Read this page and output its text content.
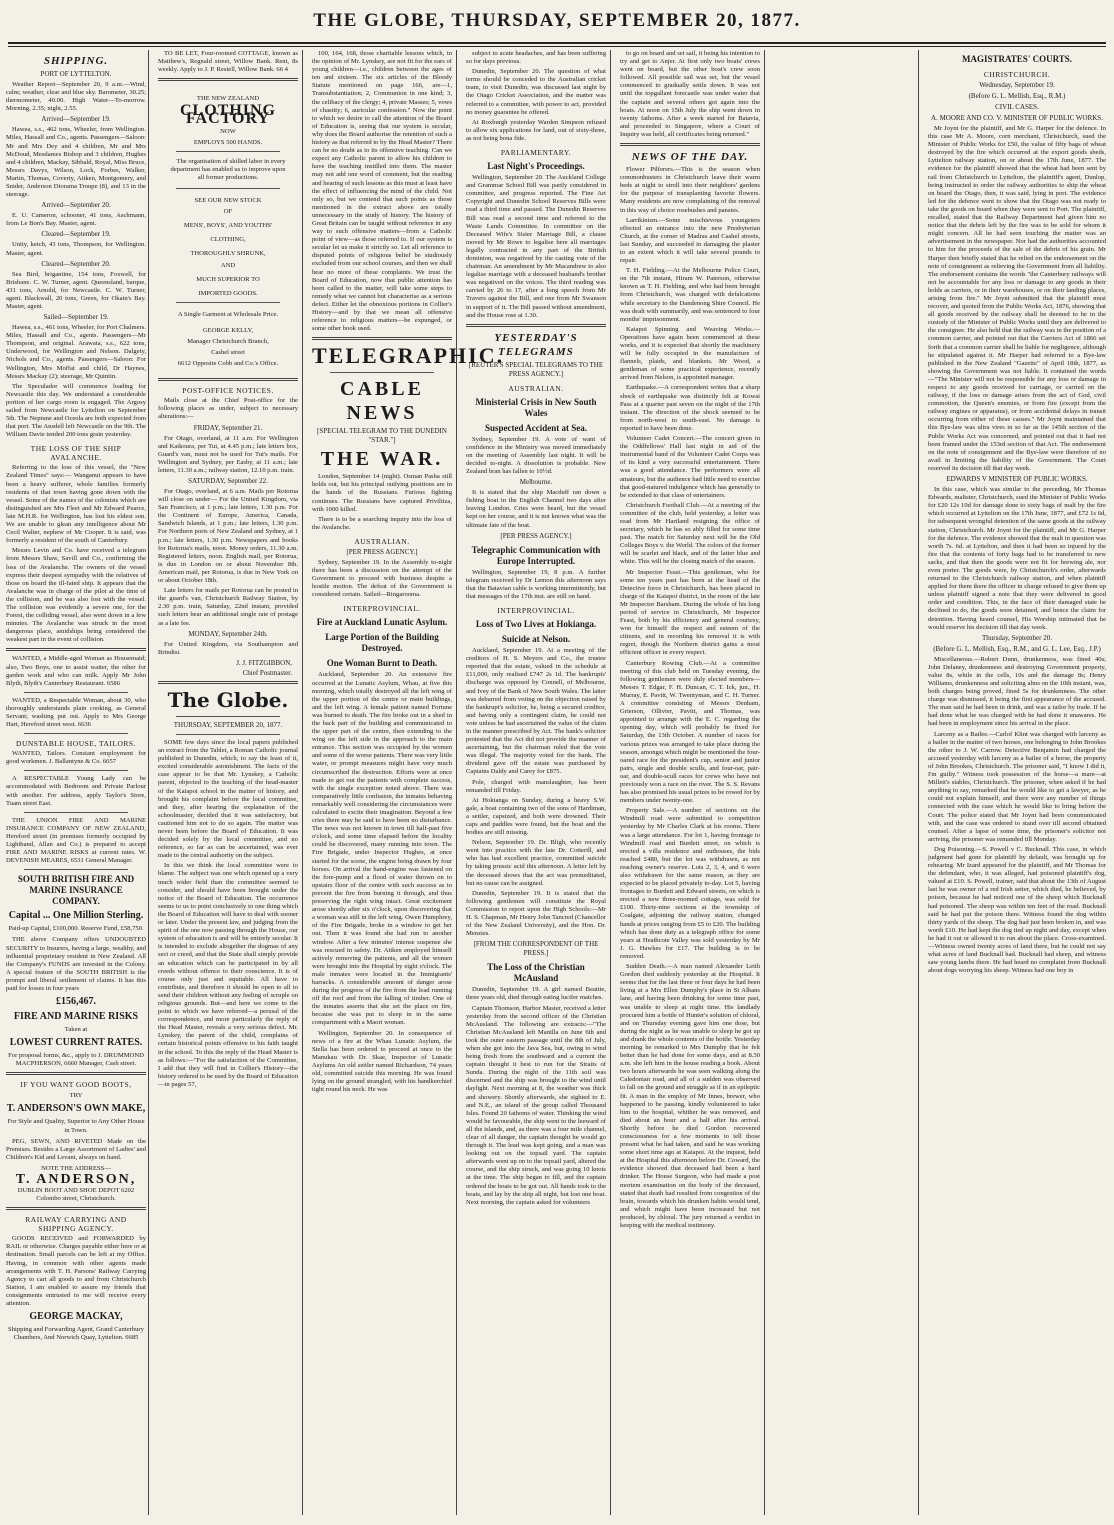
THE GLOBE, THURSDAY, SEPTEMBER 20, 1877.
SHIPPING.
PORT OF LYTTELTON.

Weather Report—September 20, 9 a.m.—Wind, calm; weather, clear and blue sky. Barometer, 30.25; thermometer, 40.00. High Water—To-morrow. Morning, 2.35; night, 2.55.

Arrived—September 19.

Hawea, s.s., 462 tons, Wheeler, from Wellington. Miles, Hassall and Co., agents. Passengers—Saloon: Mr and Mrs Dey and 4 children, Mr and Mrs McDoud, Mesdames Bishop and 3 children, Hughes and 4 children, Mackay, Sibbald, Royal, Miss Bruce, Messrs Davys, Wilson, Lock, Forbes, Walker, Martin, Thomas, Coverty, Aitken, Montgomery, and Snider, Anderson Diorama Troupe (8), and 13 in the steerage.

Arrived—September 20.

E. U. Cameron, schooner, 41 tons, Aschmann, from Le Bon's Bay. Master, agent.

Cleared—September 19.

Unity, ketch, 43 tons, Thompson, for Wellington. Master, agent.

Cleared—September 20.

Sea Bird, brigantine, 154 tons, Foxwell, for Brisbane. C. W. Turner, agent. Queensland, barque, 431 tons, Arnold, for Newcastle. C. W. Turner, agent. Blackwall, 20 tons, Green, for Okain's Bay. Master, agent.

Sailed—September 19.

Hawea, s.s., 461 tons, Wheeler, for Port Chalmers. Miles, Hassall and Co., agents. Passengers—Mr Thompson, and original. Arawata, s.s., 622 tons, Underwood, for Wellington and Nelson. Dalgety, Nichols and Co., agents. Passengers—Saloon: For Wellington, Mrs Moffat and child, Dr Haynes, Messrs Mackay (2); steerage, Mr Quintin.

The Speculador will commence loading for Newcastle this day. We understand a considerable portion of her cargo room is engaged. The Argosy sailed from Newcastle for Lyttelton on September 5th. The Neptune and Oceola are both expected from that port. The Ansdell left Newcastle on the 9th. The William Davie tended 200 tons grain yesterday.

THE LOSS OF THE SHIP AVALANCHE.

Referring to the loss of this vessel, the "New Zealand Times" says:— Wanganui appears to have been a heavy sufferer, whole families formerly residents of that town having gone down with the vessel. Some of the names of the colonists which are distinguished are Mrs Fleet and Mr Edward Pearce, late M.H.R. for Wellington, has lost his eldest son. We are unable to glean any intelligence about Mr Cecil Walter, nephew of Mr Cooper. It is said, was formerly a resident of the south of Canterbury.

Messrs Levin and Co. have received a telegram from Messrs Shaw, Savill and Co., confirming the loss of the Avalanche. The owners of the vessel express their deepest sympathy with the relatives of those on board the ill-fated ship. It appears that the Avalanche was in charge of the pilot at the time of the collision, and he was also lost with the vessel. The collision was evidently a severe one, for the Forest, the colliding vessel, also went down in a few minutes. The Avalanche was struck in the most dangerous place, amidships being considered the weakest part in the event of collision.

WANTED, a Middle-aged Woman as Housemaid; also, Two Boys, one to assist waiter, the other for garden work and who can milk. Apply Mr John Blyth, Blyth's Canterbury Restaurant. 6586

WANTED, a Respectable Woman, about 30, who thoroughly understands plain cooking, as General Servant; washing put out. Apply to Mrs George Hart, Hereford street west. 6636

DUNSTABLE HOUSE, TAILORS.

WANTED, Tailors. Constant employment for good workmen. J. Ballantyne & Co. 6657

A RESPECTABLE Young Lady can be accommodated with Bedroom and Private Parlour with another. For address, apply Taylor's Store, Tuam street East.

THE UNION FIRE AND MARINE INSURANCE COMPANY OF NEW ZEALAND, Hereford street (in premises formerly occupied by Lightband, Allan and Co.) is prepared to accept FIRE AND MARINE RISKS at current rates. W. DEVENISH MEARES, 6531 General Manager.

SOUTH BRITISH FIRE AND MARINE INSURANCE COMPANY.
Capital ... One Million Sterling.
Paid-up Capital, £100,000. Reserve Fund, £58,750.

THE above Company offers UNDOUBTED SECURITY to Insurers, having a large, wealthy, and influential proprietary resident in New Zealand. All the Company's FUNDS are invested in the Colony. A special feature of the SOUTH BRITISH is the prompt and liberal settlement of claims. It has this paid for losses in four years

£156,467.
FIRE AND MARINE RISKS
Taken at
LOWEST CURRENT RATES.
For proposal forms, &c., apply to J. DRUMMOND MACPHERSON, 6660 Manager, Cash street.
IF YOU WANT GOOD BOOTS,
TRY
T. ANDERSON'S OWN MAKE,
For Style and Quality, Superior to Any Other House in Town.

PEG, SEWN, AND RIVETED Made on the Premises. Besides a Large Assortment of Ladies' and Children's Kid and Levant, always on hand.

NOTE THE ADDRESS—
T. ANDERSON,
DUBLIN BOOT AND SHOE DEPOT 6202 Colombo street, Christchurch.
RAILWAY CARRYING AND SHIPPING AGENCY.

GOODS RECEIVED and FORWARDED by RAIL or otherwise. Charges payable either here or at destination. Small parcels can be left at my Office. Having, in common with other agents made arrangements with T. H. Parsons' Railway Carrying Agency to cart all goods to and from Christchurch Station, I am enabled to assure my friends that consignments entrusted to me will receive every attention.

GEORGE MACKAY,
Shipping and Forwarding Agent, Grand Canterbury Chambers, And Norwich Quay, Lyttelton. 6685

TO BE LET, Four-roomed COTTAGE, known as Matthew's, Regnald street, Willow Bank. Rent, 8s weekly. Apply to J. P. Restell, Willow Bank. 66 4

THE NEW ZEALAND
CLOTHING FACTORY
NOW
EMPLOYS 500 HANDS.

The organisation of skilled labor in every department has enabled us to improve upon all former productions.

SEE OUR NEW STOCK
OF
MENS', BOYS', AND YOUTHS'
CLOTHING,
THOROUGHLY SHRUNK,
AND
MUCH SUPERIOR TO
IMPORTED GOODS.
A Single Garment at Wholesale Price.
GEORGE KELLY,
Manager Christchurch Branch,
Cashel street
6612 Opposite Cobb and Co.'s Office.
POST-OFFICE NOTICES.

Mails close at the Chief Post-office for the following places as under, subject to necessary alterations:—

FRIDAY, September 21.

For Otago, overland, at 11 a.m. For Wellington and Kaikoura, per Tui, at 4.45 p.m.; late letters box, Guard's van, must not be used for Tui's mails. For Wellington and Sydney, per Easby, at 11 a.m.; late letters, 11.30 a.m.; railway station, 12.10 p.m. train.

SATURDAY, September 22.

For Otago, overland, at 6 a.m. Mails per Rotorua will close on under— For the United Kingdom, via San Francisco, at 1 p.m.; late letters, 1.30 p.m. For the Continent of Europe, America, Canada, Sandwich Islands, at 1 p.m.; late letters, 1.30 p.m. For Northern ports of New Zealand and Sydney, at 1 p.m.; late letters, 1.30 p.m. Newspapers and books for Rotorua's mails, noon. Money orders, 11.30 a.m. Registered letters, noon. English mail, per Rotorua, is due in London on or about November 8th. American mail, per Rotorua, is due in New York on or about October 18th.

Late letters for mails per Rotorua can be posted in the guard's van, Christchurch Railway Station, by 2.30 p.m. train, Saturday, 22nd instant, provided such letters bear an additional single rate of postage as a late fee.

MONDAY, September 24th.

For United Kingdom, via Southampton and Brindisi.

J. J. FITZGIBBON,
Chief Postmaster.
The Globe.
THURSDAY, SEPTEMBER 20, 1877.

SOME few days since the local papers published an extract from the Tablet, a Roman Catholic journal published in Dunedin, which, to say the least of it, excited considerable astonishment. The facts of the case appear to be that Mr. Lynskey, a Catholic parent, objected to the teaching of the head-master of the Kaiapoi school in the matter of history, and brought his complaint before the local committee, and they, after hearing the explanation of the schoolmaster, decided that it was satisfactory, but cautioned him not to do so again. The matter was never been before the Board of Education. It was decided solely by the local committee, and no reference, so far as can be ascertained, was ever made to the central authority on the subject.

In this we think the local committee were to blame. The subject was one which opened up a very much wider field than the committee seemed to consider, and should have been brought under the notice of the Board of Education. The occurrence seems to us to point conclusively to one thing which the Board of Education will have to deal with sooner or later. Under the present law, and judging from the spirit of the one now passing through the House, our system of education is and will be entirely secular. It is intended to exclude altogether the dogmas of any sect or creed, and that the State shall simply provide an education which can be participated in by all creeds without offence to their conscience. It is of course only just and equitable. All have to contribute, and therefore it should be open to all to send their children without any feeling of scruple on religious grounds. But—and here we come to the point to which we have referred—a perusal of the correspondence, and more particularly the reply of the Head Master, reveals a very serious defect. Mr. Lynskey, the parent of the child, complains of certain historical points offensive to his faith taught in the school. To this the reply of the Head Master is as follows:—"For the satisfaction of the Committee, I add that they will find in Collier's History—the history ordered to be used by the Board of Education—in pages 57,

100, 164, 168, those charitable lessons which, in the opinion of Mr. Lynskey, are not fit for the ears of young children—i.e., children between the ages of ten and sixteen. The six articles of the Bloody Statute mentioned on page 166, are—1, Transubstantiation; 2, Communion in one kind; 3, the celibacy of the clergy; 4, private Masses; 5, vows of chastity; 6, auricular confession." Now the point to which we desire to call the attention of the Board of Education is, seeing that our system is secular, why does the Board authorise the retention of such a history as that referred to by the Head Master? There can be no doubt as to its offensive teaching. Can we expect any Catholic parent to allow his children to have the teaching instilled into them. The master may not add one word of comment, but the reading and hearing of such lessons as this must at least have the effect of influencing the mind of the child. Not only so, but we contend that such points as those mentioned in the extract above are totally unnecessary in the study of history. The history of Great Britain can be taught without reference in any way to such offensive matters—from a Catholic point of view—as those referred to. If our system is secular let us make it strictly so. Let all reference to disputed points of religious belief be studiously excluded from our school courses, and then we shall hear no more of these complaints. We trust the Board of Education, now that public attention has been called to the matter, will take some steps to remedy what we cannot but characterise as a serious defect. Either let the obnoxious portions in Collier's History—and by that we mean all offensive reference to religious matters—be expunged, or some other book used.

TELEGRAPHIC.
CABLE NEWS
[SPECIAL TELEGRAM TO THE DUNEDIN "STAR."]
THE WAR.

London, September 14 (night). Osman Pasha still holds out, but his principal outlying positions are in the hands of the Russians. Furious fighting continues. The Russians have captured Privilitza, with 1000 killed.

There is to be a searching inquiry into the loss of the Avalanche.

AUSTRALIAN.
[PER PRESS AGENCY.]

Sydney, September 19. In the Assembly to-night there has been a discussion on the attempt of the Government to proceed with business despite a hostile motion. The defeat of the Government is considered certain. Sailed—Ringarooma.

INTERPROVINCIAL.
Fire at Auckland Lunatic Asylum.
Large Portion of the Building Destroyed.
One Woman Burnt to Death.

Auckland, September 20. An extensive fire occurred at the Lunatic Asylum, Whau, at five this morning, which totally destroyed all the left wing of the upper portion of the centre or main buildings, and the left wing. A female patient named Fortune was burned to death. The fire broke out in a shed in the back part of the building and communicated to the upper part of the centre, then extending to the wing on the left side in the approach to the main entrance. This section was occupied by the women and some of the worse patients. There was very little water, or prompt measures might have very much circumscribed the destruction. Efforts were at once made to get out the patients with complete success, with the single exception noted above. There was comparatively little confusion, the inmates behaving remarkably well considering the circumstances were calculated to excite their imagination. Beyond a few cries there may be said to have been no disturbance. The news was not known in town till half-past five o'clock, and some time elapsed before the locality could be discovered, many running into town. The Fire Brigade, under Inspector Hughes, at once started for the scene, the engine being drawn by four horses. On arrival the hand-engine was fastened on the fore-pump and a flood of water thrown on to upstairs floor of the centre with such success as to prevent the fire from burning it through, and thus preserving the right wing intact. Great excitement arose shortly after six o'clock, upon discovering that a woman was still in the left wing. Owen Humphrey, of the Fire Brigade, broke in a window to get her out. Then it was found she had run to another window. After a few minutes' intense suspense she was rescued in safety. Dr. Aitken employed himself actively removing the patients, and all the women were brought into the Hospital by eight o'clock. The male inmates were located in the Immigrants' barracks. A considerable amount of danger arose during the progress of the fire from the lead running off the roof and from the falling of timber. One of the inmates asserts that she set the place on fire, because she was put to sleep in in the same compartment with a Maori woman.

Wellington, September 20. In consequence of news of a fire at the Whau Lunatic Asylum, the Stella has been ordered to proceed at once to the Manukau with Dr. Skae, Inspector of Lunatic Asylums An old settler named Richardson, 74 years old, committed suicide this morning. He was found lying on the ground strangled, with his handkerchief tight round his neck. He was

subject to acute headaches, and has been suffering so for days previous.

Dunedin, September 20. The question of what terms should be conceded to the Australian cricket team, to visit Dunedin, was discussed last night by the Otago Cricket Association, and the matter was referred to a committee, with power to act, provided no money guarantee be offered.

At Roxburgh yesterday Warden Simpson refused to allow six applications for land, out of sixty-three, as not being bona fide.

PARLIAMENTARY.
Last Night's Proceedings.

Wellington, September 20. The Auckland College and Grammar School Bill was partly considered in committee, and progress reported. The Fine Art Copyright and Dunedin School Reserves Bills were read a third time and passed. The Dunedin Reserves Bill was read a second time and referred to the Waste Lands Committee. In committee on the Deceased Wife's Sister Marriage Bill, a clause moved by Mr Rowe to legalise here all marriages legally contracted in any part of the British dominion, was negatived by the casting vote of the chairman. An amendment by Mr Macandrew to also legalise marriage with a deceased husband's brother was negatived on the voices. The third reading was carried by 26 to 17, after a long speech from Mr Travers against the Bill, and one from Mr Swanson in support of it. The Bill passed without amendment, and the House rose at 1.30.

YESTERDAY'S TELEGRAMS
[REUTER'S SPECIAL TELEGRAMS TO THE PRESS AGENCY.]
AUSTRALIAN.
Ministerial Crisis in New South Wales
Suspected Accident at Sea.

Sydney, September 19. A vote of want of confidence in the Ministry was moved immediately on the meeting of Assembly last night. It will be decided to-night. A dissolution is probable. New Zealand bran has fallen to 10½d.

Melbourne.

It is stated that the ship Macduff ran down a fishing boat in the English Channel two days after leaving London. Cries were heard, but the vessel kept on her course, and it is not known what was the ultimate fate of the boat.

[PER PRESS AGENCY.]
Telegraphic Communication with Europe Interrupted.

Wellington, September 19, 8 p.m. A further telegram received by Dr Lemon this afternoon says that the Batavian cable is working intermittently, but that messages of the 17th inst. are still on hand.

INTERPROVINCIAL.
Loss of Two Lives at Hokianga.
Suicide at Nelson.

Auckland, September 19. At a meeting of the creditors of H. S. Meyers and Co., the trustee reported that the estate, valued in the schedule at £11,000, only realised £747 2s 1d. The bankrupts' discharge was opposed by Connell, of Melbourne, and Ivey of the Bank of New South Wales. The latter was debarred from voting on the objection raised by the bankrupt's solicitor, he, being a secured creditor, and having only a contingent claim, he could not vote unless he had ascertained the value of the claim in the manner prescribed by Act. The bank's solicitor protested that the Act did not provide the manner of ascertaining, but the chairman ruled that the vote was illegal. The majority voted for the bank. The dividend gave off the estate was purchased by Captains Daldy and Carey for £875.

Pole, charged with manslaughter, has been remanded till Friday.

At Hokianga on Sunday, during a heavy S.W. gale, a boat containing two of the sons of Hardiman, a settler, capsized, and both were drowned. Their caps and paddles were found, but the boat and the bodies are still missing.

Nelson, September 19. Dr. Bligh, who recently went into practice with the late Dr. Cotterill, and who has had excellent practice, committed suicide by taking prussic acid this afternoon. A letter left by the deceased shows that the act was premeditated, but no cause can be assigned.

Dunedin, September 19. It is stated that the following gentlemen will constitute the Royal Commission to report upon the High Schools:—Mr H. S. Chapman, Mr Henry John Tancred (Chancellor of the New Zealand University), and the Hon. Dr. Menzies.

[FROM THE CORRESPONDENT OF THE PRESS.]
The Loss of the Christian McAusland

Dunedin, September 19. A girl named Beattie, three years old, died through eating lucifer matches.

Captain Thomson, Harbor Master, received a letter yesterday from the second officer of the Christian McAusland. The following are extracts:—"The Christian McAusland left Manilla on June 6th and took the outer eastern passage until the 8th of July, when she got into the Java Sea, but, owing to wind being fresh from the southward and a current the captain thought it best to run for the Straits of Sunda. During the night of the 11th soil was discerned and the ship was brought to the wind until daylight. Next morning at 8, the weather was thick and showery. Shortly afterwards, she sighted to E. and N.E., an island of the group called Thousand Isles. Found 20 fathoms of water. Thinking the wind would be favourable, the ship went to the leeward of all the islands, and, as there was a four mile channel, clear of all danger, the captain thought he would go through it. The lead was kept going, and a man was looking out on the topsail yard. The captain afterwards went up on to the topsail yard, altered the course, and the ship struck, and was going 10 knots at the time. The ship began to fill, and the captain ordered the boats to be got out. All hands took to the boats, and lay by the ship all night, but lost one boat. Next morning, the captain asked for volunteers

to go on board and set sail, it being his intention to try and get to Anjer. At first only two boats' crews went on board, but the other boat's crew soon followed. All possible sail was set, but the vessel commenced to gradually settle down. It was not until the topgallant forecastle was under water that the captain and several others got again into the boats. At noon on 15th July the ship went down in twenty fathoms. After a week started for Batavia, and proceeded to Singapore, where a Court of Inquiry was held, all certificates being returned."

NEWS OF THE DAY.

Flower Pilferers.—This is the season when commonbusters in Christchurch leave their warm beds at night to stroll into their neighbors' gardens for the purpose of transplanting favorite flowers. Many residents are now complaining of the removal in this way of choice rosebushes and pansies.

Larrikinism.—Some mischievous youngsters effected an entrance into the new Presbyterian Church, at the corner of Madras and Cashel streets, last Sunday, and succeeded in damaging the plaster to an extent which it will take several pounds to repair.

T. H. Fielding.—At the Melbourne Police Court, on the 7th instant, Hiram W. Paterson, otherwise known as T. H. Fielding, and who had been brought from Christchurch, was charged with defalcations while secretary to the Dandenong Shire Council. He was dealt with summarily, and was sentenced to four months' imprisonment.

Kaiapoi Spinning and Weaving Works.—Operations have again been commenced at these works, and it is expected that shortly the machinery will be fully occupied in the manufacture of flannels, plaids, and blankets. Mr Wood, a gentleman of some practical experience, recently arrived from Nelson, is appointed manager.

Earthquake.—A correspondent writes that a sharp shock of earthquake was distinctly felt at Kowai Pass at a quarter past seven on the night of the 17th instant. The direction of the shock seemed to be from north-west to south-east. No damage is reported to have been done.

Volunteer Cadet Concert.—The concert given in the Oddfellows' Hall last night in aid of the instrumental band of the Volunteer Cadet Corps was of its kind a very successful entertainment. There was a good attendance. The performers were all amateurs, but the audience had little need to exercise that good-natured indulgence which has generally to be extended to that class of entertainers.

Christchurch Football Club.—At a meeting of the committee of the club, held yesterday, a letter was read from Mr Hartland resigning the office of secretary, which he has so ably filled for some time past. The match for Saturday next will be the Old Colleges Boys v. the World. The colors of the former will be scarlet and black, and of the latter blue and white. This will be the closing match of the season.

Mr Inspector Feast.—This gentleman, who for some ten years past has been at the head of the Detective force in Christchurch, has been placed in charge of the Kaiapoi district, in the room of the late Mr Inspector Barsham. During the whole of his long period of service in Christchurch, Mr Inspector Feast, both by his efficiency and general courtesy, won for himself the respect and esteem of the citizens, and in recording his removal it is with regret, though the Northern district gains a most efficient officer in every respect.

Canterbury Rowing Club.—At a committee meeting of this club held on Tuesday evening, the following gentlemen were duly elected members—Messrs T. Edgar, F. H. Duncan, C. T. Ick, jun., H. Murray, E. Pavitt, W. Twentyman, and C. H. Turner. A committee consisting of Messrs Denham, Grierson, Ollivier, Pavitt, and Thomas, was appointed to arrange with the E. C. regarding the opening day, which will probably be fixed for Saturday, the 13th October. A number of races for various prizes was arranged to take place during the season, amongst which might be mentioned the four-oared race for the president's cup, senior and junior pairs, single and double sculls, and four-oar, pair-oar, and double-scull races for crews who have not previously won a race on the river. The S. S. Revans has also promised his usual prizes to be rowed for by members under twenty-one.

Property Sale.—A number of sections on the Windmill road were submitted to competition yesterday by Mr Charles Clark at his rooms. There was a large attendance. For lot 1, having frontage to Windmill road and Burdett street, on which is erected a villa residence and outhouses, the bids reached £480, but the lot was withdrawn, as not reaching owner's reserve. Lots 2, 3, 4, and 6 were also withdrawn for the same reason, as they are expected to be placed privately to-day. Lot 5, having frontages to Burdett and Edward streets, on which is erected a new three-roomed cottage, was sold for £100. Thirty-nine sections at the township of Coalgate, adjoining the railway station, changed hands at prices ranging from £5 to £20. The building which has done duty as a telegraph office for some years at Heathcote Valley was sold yesterday by Mr J. G. Hawkes for £17. The building is to be removed.

Sudden Death.—A man named Alexander Leith Gordon died suddenly yesterday at the Hospital. It seems that for the last three or four days he had been living at a Mrs Ellen Dumphy's place in St Albans lane, and having been drinking for some time past, was unable to sleep at night time. His landlady procured him a bottle of Hunter's solution of chloral, and on Thursday evening gave him one dose, but during the night as he was unable to sleep he got up and drank the whole contents of the bottle. Yesterday morning he remarked to Mrs Dumphy that he felt better than he had done for some days, and at 8.30 a.m. she left him in the house reading a book. About two hours afterwards he was seen walking along the Caledonian road, and all of a sudden was observed to fall on the ground and struggle as if in an epileptic fit. A man in the employ of Mr Innes, brewer, who happened to be passing, kindly volunteered to take him to the hospital, whither he was removed, and died about an hour and a half after his arrival. Shortly before he died Gordon recovered consciousness for a few moments to tell those present what he had taken, and said he was working some short time ago at Kaiapoi. At the inquest, held at the Hospital this afternoon before Dr. Coward, the evidence showed that deceased had been a hard drinker. The House Surgeon, who had made a post mortem examination on the body of the deceased, stated that death had resulted from congestion of the brain, towards which his drunken habits would tend, and which might have been increased but not produced, by chloral. The jury returned a verdict in keeping with the medical testimony.

MAGISTRATES' COURTS.
CHRISTCHURCH.
Wednesday, September 19.
(Before G. L. Mellish, Esq., R.M.)
CIVIL CASES.
A. MOORE AND CO. V. MINISTER OF PUBLIC WORKS.

Mr Joynt for the plaintiff, and Mr G. Harper for the defence. In this case Mr A. Moore, corn merchant, Christchurch, sued the Minister of Public Works for £50, the value of fifty bags of wheat destroyed by the fire which occurred at the export goods sheds, Lyttelton railway station, on or about the 17th June, 1877. The evidence for the plaintiff showed that the wheat had been sent by rail from Christchurch to Lyttelton, the plaintiff's agent, Dunlop, being instructed to order the railway authorities to ship the wheat on board the Otago, then, it was said, lying in port. The evidence led for the defence went to show that the Otago was not ready to take the goods on board when they were sent to Port. The plaintiff, recalled, stated that the Railway Department had given him no notice that the debris left by the fire was to be sold for whom it might concern. All he had seen touching the matter was an advertisement in the newspaper. Nor had the authorities accounted to him for the proceeds of the sale of the debris of his grain. Mr Harper then briefly stated that he relied on the endorsement on the note of consignment as relieving the Government from all liability. The endorsement contains the words "the Canterbury railways will not be accountable for any loss or damage to any goods in their holds as carriers, or in their warehouses, or on their landing places, arising from fire." Mr Joynt submitted that the plaintiff must recover, and quoted from the Public Works Act, 1876, showing that all goods received by the railway shall be deemed to be in the custody of the Minister of Public Works until they are delivered to the consignee. He also held that the railway was in the position of a common carrier, and pointed out that the Carriers Act of 1866 set forth that a common carrier shall be liable for negligence, although he stipulated against it. Mr Harper had referred to a Bye-law published in the New Zealand "Gazette" of April 18th, 1877, as showing the Government was not liable. It contained the words—"The Minister will not be responsible for any loss or damage in respect to any goods received for carriage, or carried on the railway, if the loss or damage arises from the act of God, civil commotion, the Queen's enemies, or from fire (except from the railway engines or apparatus), or from accidental delays in transit occurring from either of these causes." Mr Joynt maintained that this Bye-law was ultra vires in so far as the 145th section of the Public Works Act was concerned, and pointed out that it had not been framed under the 153rd section of that Act. The endorsement on the note of consignment and the Bye-law were therefore of no avail in limiting the liability of the Government. The Court reserved its decision till that day week.

EDWARDS V MINISTER OF PUBLIC WORKS.

In this case, which was similar to the preceding, Mr Thomas Edwards, maltster, Christchurch, sued the Minister of Public Works for £20 12s 10d for damage done to sixty bags of malt by the fire which occurred at Lyttelton on the 17th June, 1877, and £72 1s 6d, for subsequent wrongful detention of the same goods at the railway station, Christchurch. Mr Joynt for the plaintiff, and Mr G. Harper for the defence. The evidence showed that the malt in question was worth 7s. 6d. at Lyttelton, and then it had been so injured by the fire that the contents of forty bags had to be transferred to new sacks, and that then the goods were not fit for brewing ale, nor even porter. The goods were, by Christchurch's order, afterwards returned to the Christchurch railway station, and when plaintiff applied for them there the officer in charge refused to give them up unless plaintiff signed a note that they were delivered in good order and condition. This, in the face of their damaged state he declined to do, the goods were detained, and hence the claim for detention. Having heard counsel, His Worship intimated that he would reserve his decision till that day week.

Thursday, September 20.
(Before G. L. Mellish, Esq., R.M., and G. L. Lee, Esq., J.P.)

Miscellaneous.—Robert Dunn, drunkenness, was fined 40s; John Delaney, drunkenness and destroying Government property, value 8s, while in the cells, 10s and the damage 8s; Henry Williams, drunkenness and soliciting alms on the 10th instant, was, both charges being proved, fined 5s for drunkenness. The other charge was dismissed, it being the first appearance of the accused. The man said he had been in drink, and was a tailor by trade. If he had done what he was charged with he had done it unawares. He had been in employment since his arrival in the place.

Larceny as a Bailee.—Carlof Klint was charged with larceny as a bailee in the matter of two horses, one belonging to John Brookes the other to J. W. Carrow. Detective Benjamin had charged the accused yesterday with larceny as a bailee of a horse, the property of John Brookes, Christchurch. The prisoner said, "I know I did it, I'm guilty." Witness took possession of the horse—a mare—at Millett's stables, Christchurch. The prisoner, when asked if he had anything to say, remarked that he would like to get a lawyer, as he could not explain himself, and there were any number of things connected with the case which he would like to bring before the Court. The police stated that Mr Joynt had been communicated with, and the case was ordered to stand over till second obtained counsel. After a lapse of some time, the prisoner's solicitor not arriving, the prisoner was remanded till Monday.

Dog Poisoning.—S. Powell v C. Bucknall. This case, in which judgment had gone for plaintiff by default, was brought up for rehearing. Mr Izard appeared for the plaintiff, and Mr Thomas for the defendant, who, it was alleged, had poisoned plaintiff's dog, valued at £10. S. Powell, trainer, said that about the 13th of August last he was owner of a red Irish setter, which died, he believed, by poison, because he had noticed one of the sheep which Bucknall had poisoned. The sheep was within ten feet of the road. Bucknall said he had put the poison there. Witness found the dog within thirty yards of the sheep. The dog had just been broken in, and was worth £10. He had kept the dog tied up night and day, except when he had it out or allowed it to run about the place. Cross-examined.—Witness owned twenty acres of land there, but he could not say what acres of land Bucknall had. Bucknall had sheep, and witness saw young lambs there. He had heard no complaint from Bucknall about dogs worrying his sheep. Witness had one boy in
